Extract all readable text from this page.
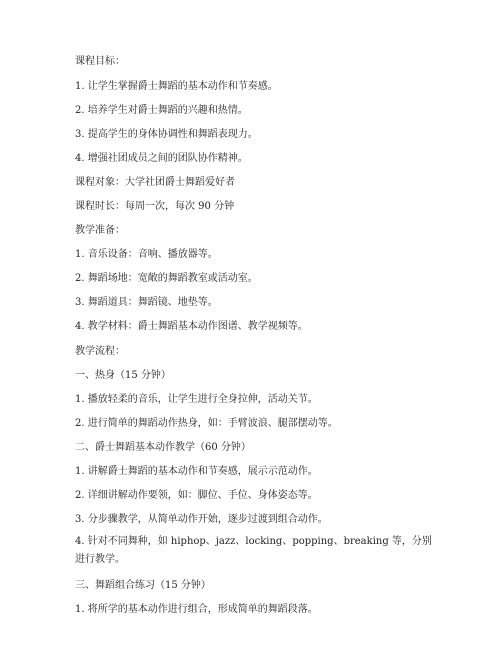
课程目标：
1. 让学生掌握爵士舞蹈的基本动作和节奏感。
2. 培养学生对爵士舞蹈的兴趣和热情。
3. 提高学生的身体协调性和舞蹈表现力。
4. 增强社团成员之间的团队协作精神。
课程对象：大学社团爵士舞蹈爱好者
课程时长：每周一次，每次 90 分钟
教学准备：
1. 音乐设备：音响、播放器等。
2. 舞蹈场地：宽敞的舞蹈教室或活动室。
3. 舞蹈道具：舞蹈镜、地垫等。
4. 教学材料：爵士舞蹈基本动作图谱、教学视频等。
教学流程：
一、热身（15 分钟）
1. 播放轻柔的音乐，让学生进行全身拉伸，活动关节。
2. 进行简单的舞蹈动作热身，如：手臂波浪、腿部摆动等。
二、爵士舞蹈基本动作教学（60 分钟）
1. 讲解爵士舞蹈的基本动作和节奏感，展示示范动作。
2. 详细讲解动作要领，如：脚位、手位、身体姿态等。
3. 分步骤教学，从简单动作开始，逐步过渡到组合动作。
4. 针对不同舞种，如 hiphop、jazz、locking、popping、breaking 等，分别进行教学。
三、舞蹈组合练习（15 分钟）
1. 将所学的基本动作进行组合，形成简单的舞蹈段落。
